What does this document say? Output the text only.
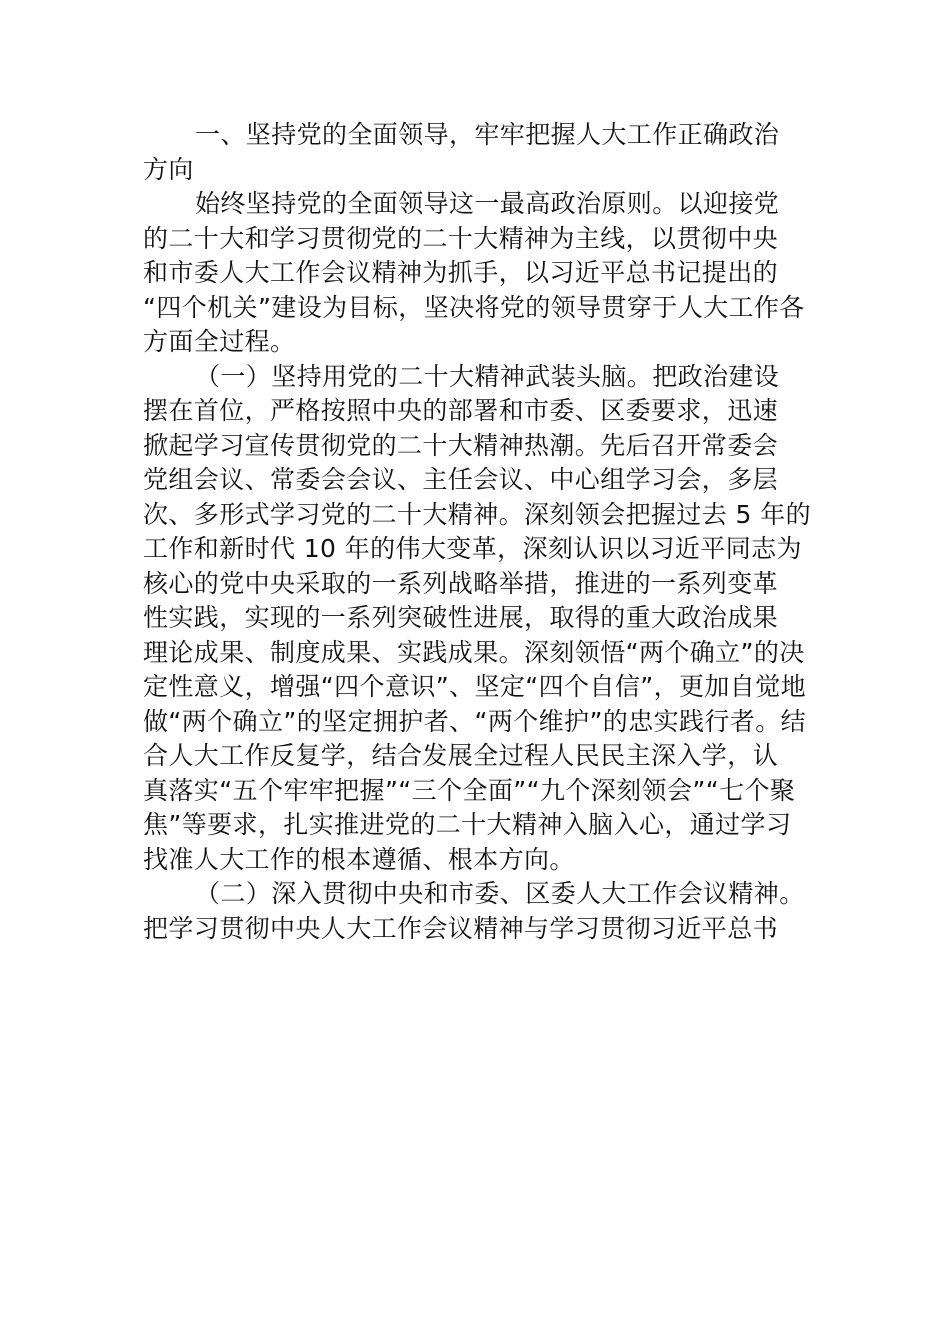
一、坚持党的全面领导，牢牢把握人大工作正确政治
方向
始终坚持党的全面领导这一最高政治原则。以迎接党
的二十大和学习贯彻党的二十大精神为主线，以贯彻中央
和市委人大工作会议精神为抓手，以习近平总书记提出的
“四个机关”建设为目标，坚决将党的领导贯穿于人大工作各
方面全过程。
（一）坚持用党的二十大精神武装头脑。把政治建设
摆在首位，严格按照中央的部署和市委、区委要求，迅速
掀起学习宣传贯彻党的二十大精神热潮。先后召开常委会
党组会议、常委会会议、主任会议、中心组学习会，多层
次、多形式学习党的二十大精神。深刻领会把握过去 5 年的
工作和新时代 10 年的伟大变革，深刻认识以习近平同志为
核心的党中央采取的一系列战略举措，推进的一系列变革
性实践，实现的一系列突破性进展，取得的重大政治成果
理论成果、制度成果、实践成果。深刻领悟“两个确立”的决
定性意义，增强“四个意识”、坚定“四个自信”，更加自觉地
做“两个确立”的坚定拥护者、“两个维护”的忠实践行者。结
合人大工作反复学，结合发展全过程人民民主深入学，认
真落实“五个牢牢把握”“三个全面”“九个深刻领会”“七个聚
焦”等要求，扎实推进党的二十大精神入脑入心，通过学习
找准人大工作的根本遵循、根本方向。
（二）深入贯彻中央和市委、区委人大工作会议精神。
把学习贯彻中央人大工作会议精神与学习贯彻习近平总书
